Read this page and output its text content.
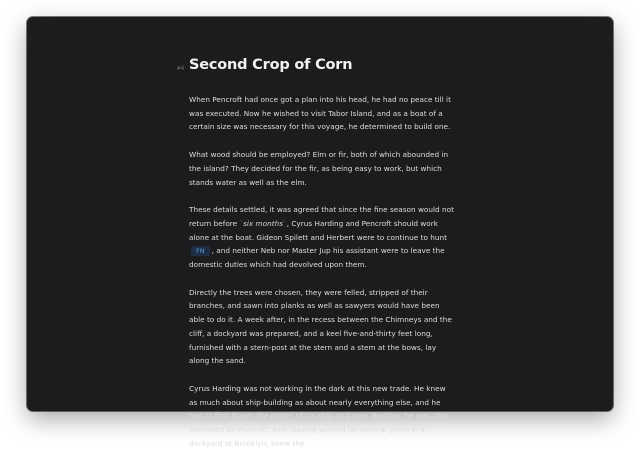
#4 Second Crop of Corn

When Pencroft had once got a plan into his head, he had no peace till it was executed. Now he wished to visit Tabor Island, and as a boat of a certain size was necessary for this voyage, he determined to build one.

What wood should be employed? Elm or fir, both of which abounded in the island? They decided for the fir, as being easy to work, but which stands water as well as the elm.

These details settled, it was agreed that since the fine season would not return before `six months`, Cyrus Harding and Pencroft should work alone at the boat. Gideon Spilett and Herbert were to continue to hunt FN , and neither Neb nor Master Jup his assistant were to leave the domestic duties which had devolved upon them.

Directly the trees were chosen, they were felled, stripped of their branches, and sawn into planks as well as sawyers would have been able to do it. A week after, in the recess between the Chimneys and the cliff, a dockyard was prepared, and a keel five-and-thirty feet long, furnished with a stern-post at the stern and a stem at the bows, lay along the sand.

Cyrus Harding was not working in the dark at this new trade. He knew as much about ship-building as about nearly everything else, and he had at first drawn the model of his ship on paper. Besides, he was ably seconded by Pencroft, who, having worked for several years in a dockyard at Brooklyn, knew the
